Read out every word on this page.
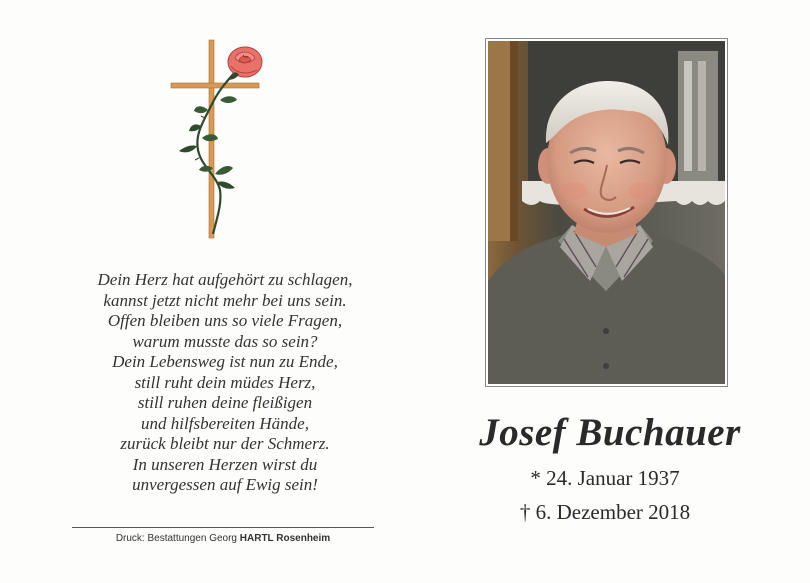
Dein Herz hat aufgehört zu schlagen,
kannst jetzt nicht mehr bei uns sein.
Offen bleiben uns so viele Fragen,
warum musste das so sein?
Dein Lebensweg ist nun zu Ende,
still ruht dein müdes Herz,
still ruhen deine fleißigen
und hilfsbereiten Hände,
zurück bleibt nur der Schmerz.
In unseren Herzen wirst du
unvergessen auf Ewig sein!
Druck: Bestattungen Georg HARTL Rosenheim
Josef Buchauer
* 24. Januar 1937
† 6. Dezember 2018
